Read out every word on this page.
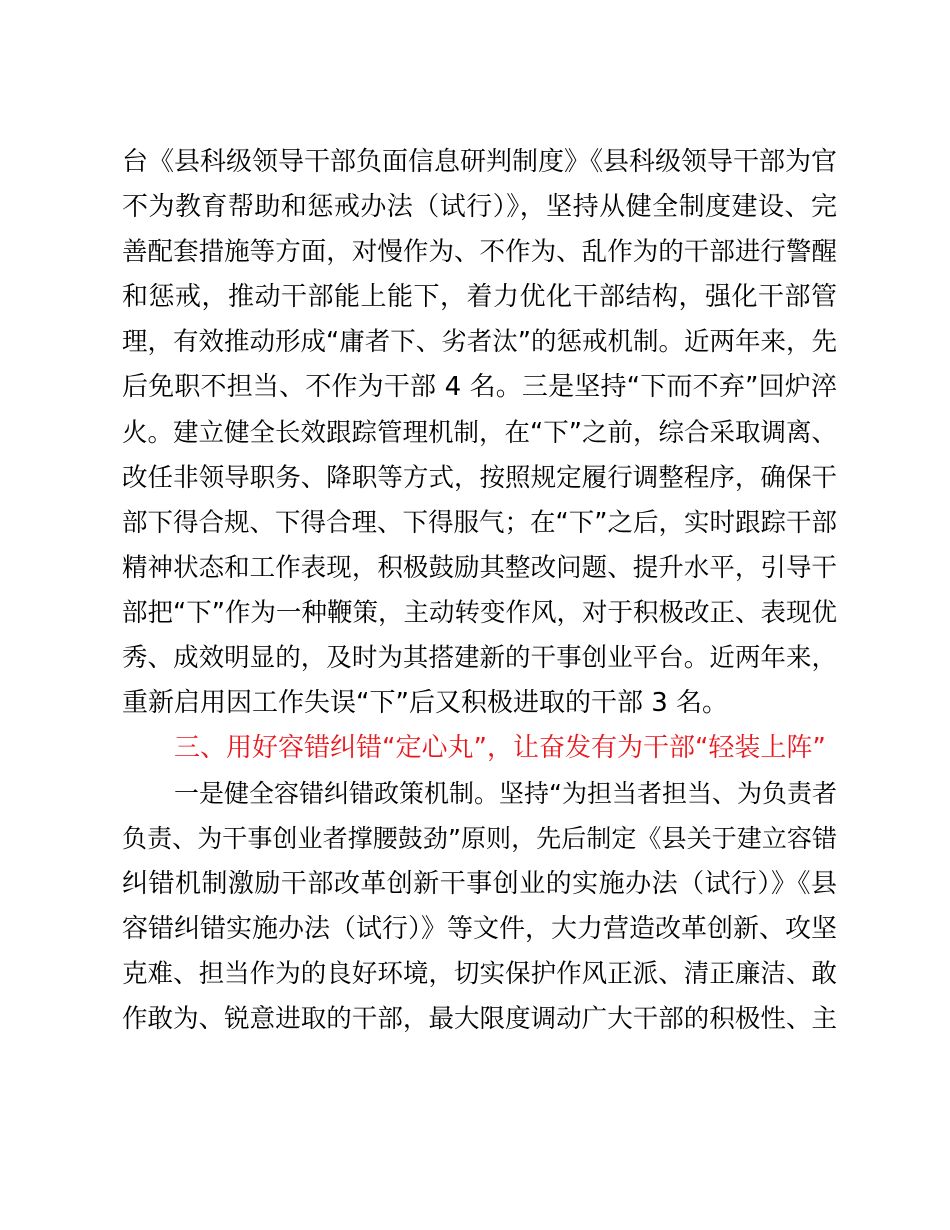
台《县科级领导干部负面信息研判制度》《县科级领导干部为官
不为教育帮助和惩戒办法（试行）》，坚持从健全制度建设、完
善配套措施等方面，对慢作为、不作为、乱作为的干部进行警醒
和惩戒，推动干部能上能下，着力优化干部结构，强化干部管
理，有效推动形成“庸者下、劣者汰”的惩戒机制。近两年来，先
后免职不担当、不作为干部 4 名。三是坚持“下而不弃”回炉淬
火。建立健全长效跟踪管理机制，在“下”之前，综合采取调离、
改任非领导职务、降职等方式，按照规定履行调整程序，确保干
部下得合规、下得合理、下得服气；在“下”之后，实时跟踪干部
精神状态和工作表现，积极鼓励其整改问题、提升水平，引导干
部把“下”作为一种鞭策，主动转变作风，对于积极改正、表现优
秀、成效明显的，及时为其搭建新的干事创业平台。近两年来，
重新启用因工作失误“下”后又积极进取的干部 3 名。
三、用好容错纠错“定心丸”，让奋发有为干部“轻装上阵”
一是健全容错纠错政策机制。坚持“为担当者担当、为负责者
负责、为干事创业者撑腰鼓劲”原则，先后制定《县关于建立容错
纠错机制激励干部改革创新干事创业的实施办法（试行）》《县
容错纠错实施办法（试行）》等文件，大力营造改革创新、攻坚
克难、担当作为的良好环境，切实保护作风正派、清正廉洁、敢
作敢为、锐意进取的干部，最大限度调动广大干部的积极性、主
